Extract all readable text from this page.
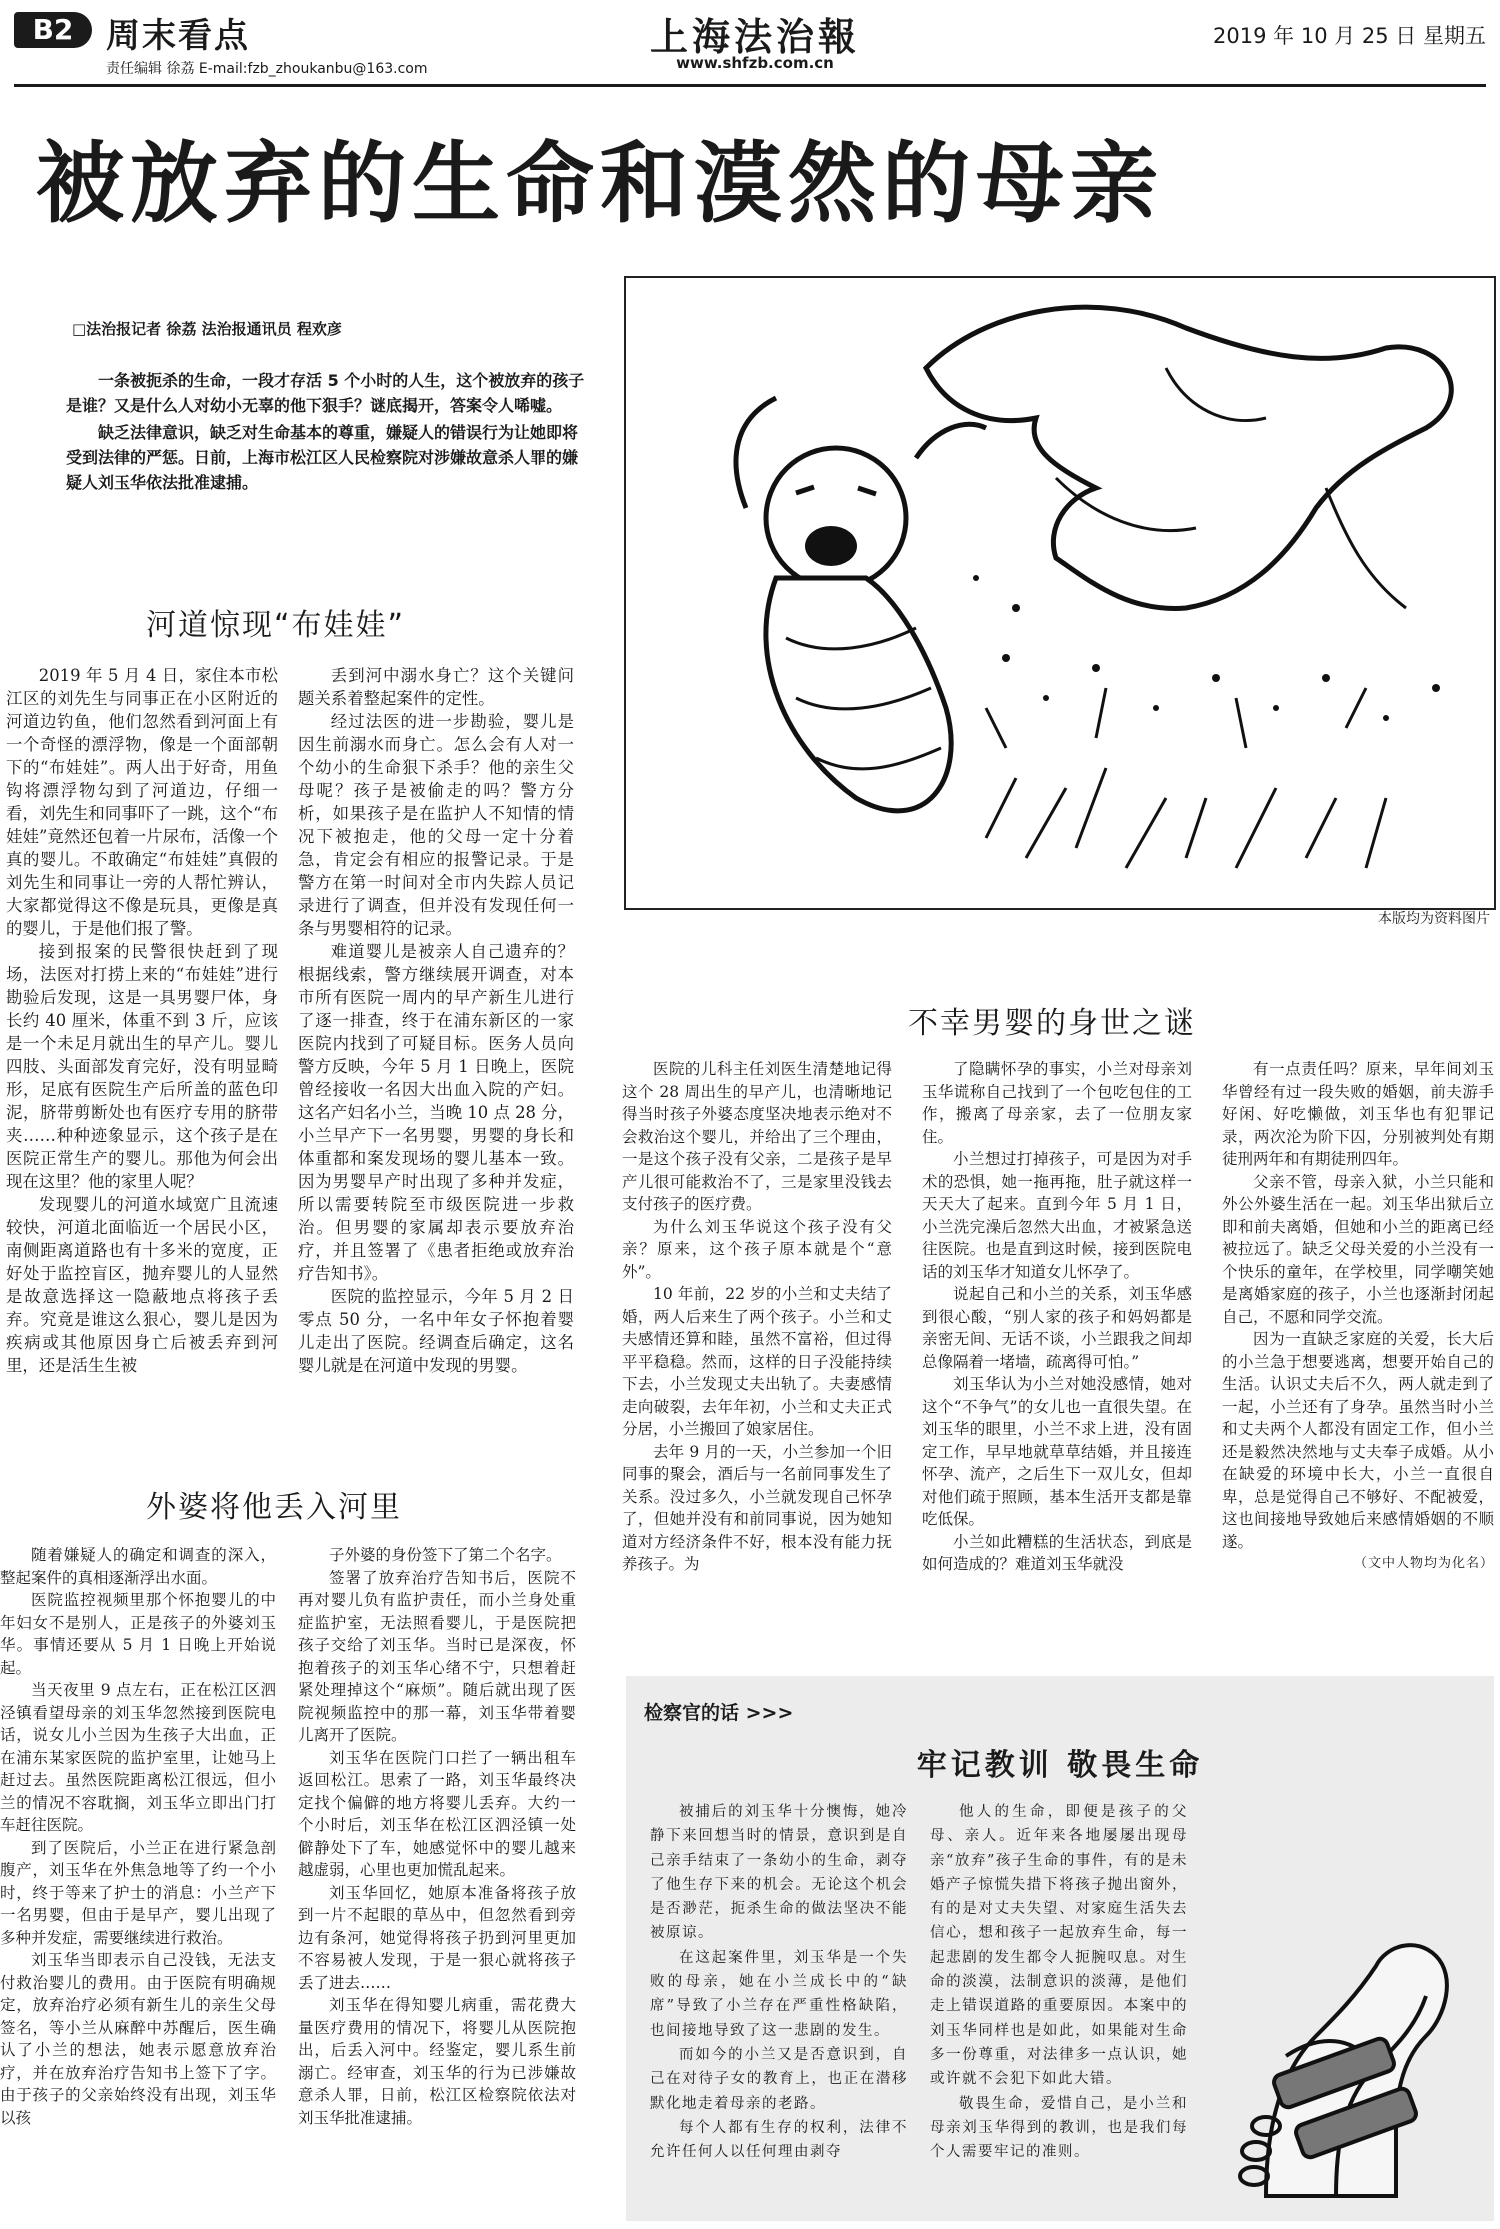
B2 周末看点
责任编辑 徐荔 E-mail:fzb_zhoukanbu@163.com
上海法治報
www.shfzb.com.cn
2019 年 10 月 25 日 星期五
被放弃的生命和漠然的母亲
□法治报记者 徐荔 法治报通讯员 程欢彦

一条被扼杀的生命，一段才存活 5 个小时的人生，这个被放弃的孩子是谁？又是什么人对幼小无辜的他下狠手？谜底揭开，答案令人唏嘘。

缺乏法律意识，缺乏对生命基本的尊重，嫌疑人的错误行为让她即将受到法律的严惩。日前，上海市松江区人民检察院对涉嫌故意杀人罪的嫌疑人刘玉华依法批准逮捕。

本版均为资料图片
河道惊现“布娃娃”

2019 年 5 月 4 日，家住本市松江区的刘先生与同事正在小区附近的河道边钓鱼，他们忽然看到河面上有一个奇怪的漂浮物，像是一个面部朝下的“布娃娃”。两人出于好奇，用鱼钩将漂浮物勾到了河道边，仔细一看，刘先生和同事吓了一跳，这个“布娃娃”竟然还包着一片尿布，活像一个真的婴儿。不敢确定“布娃娃”真假的刘先生和同事让一旁的人帮忙辨认，大家都觉得这不像是玩具，更像是真的婴儿，于是他们报了警。

接到报案的民警很快赶到了现场，法医对打捞上来的“布娃娃”进行勘验后发现，这是一具男婴尸体，身长约 40 厘米，体重不到 3 斤，应该是一个未足月就出生的早产儿。婴儿四肢、头面部发育完好，没有明显畸形，足底有医院生产后所盖的蓝色印泥，脐带剪断处也有医疗专用的脐带夹……种种迹象显示，这个孩子是在医院正常生产的婴儿。那他为何会出现在这里？他的家里人呢？

发现婴儿的河道水域宽广且流速较快，河道北面临近一个居民小区，南侧距离道路也有十多米的宽度，正好处于监控盲区，抛弃婴儿的人显然是故意选择这一隐蔽地点将孩子丢弃。究竟是谁这么狠心，婴儿是因为疾病或其他原因身亡后被丢弃到河里，还是活生生被

丢到河中溺水身亡？这个关键问题关系着整起案件的定性。

经过法医的进一步勘验，婴儿是因生前溺水而身亡。怎么会有人对一个幼小的生命狠下杀手？他的亲生父母呢？孩子是被偷走的吗？警方分析，如果孩子是在监护人不知情的情况下被抱走，他的父母一定十分着急，肯定会有相应的报警记录。于是警方在第一时间对全市内失踪人员记录进行了调查，但并没有发现任何一条与男婴相符的记录。

难道婴儿是被亲人自己遗弃的？根据线索，警方继续展开调查，对本市所有医院一周内的早产新生儿进行了逐一排查，终于在浦东新区的一家医院内找到了可疑目标。医务人员向警方反映，今年 5 月 1 日晚上，医院曾经接收一名因大出血入院的产妇。这名产妇名小兰，当晚 10 点 28 分，小兰早产下一名男婴，男婴的身长和体重都和案发现场的婴儿基本一致。因为男婴早产时出现了多种并发症，所以需要转院至市级医院进一步救治。但男婴的家属却表示要放弃治疗，并且签署了《患者拒绝或放弃治疗告知书》。

医院的监控显示，今年 5 月 2 日零点 50 分，一名中年女子怀抱着婴儿走出了医院。经调查后确定，这名婴儿就是在河道中发现的男婴。

外婆将他丢入河里

随着嫌疑人的确定和调查的深入，整起案件的真相逐渐浮出水面。

医院监控视频里那个怀抱婴儿的中年妇女不是别人，正是孩子的外婆刘玉华。事情还要从 5 月 1 日晚上开始说起。

当天夜里 9 点左右，正在松江区泗泾镇看望母亲的刘玉华忽然接到医院电话，说女儿小兰因为生孩子大出血，正在浦东某家医院的监护室里，让她马上赶过去。虽然医院距离松江很远，但小兰的情况不容耽搁，刘玉华立即出门打车赶往医院。

到了医院后，小兰正在进行紧急剖腹产，刘玉华在外焦急地等了约一个小时，终于等来了护士的消息：小兰产下一名男婴，但由于是早产，婴儿出现了多种并发症，需要继续进行救治。

刘玉华当即表示自己没钱，无法支付救治婴儿的费用。由于医院有明确规定，放弃治疗必须有新生儿的亲生父母签名，等小兰从麻醉中苏醒后，医生确认了小兰的想法，她表示愿意放弃治疗，并在放弃治疗告知书上签下了字。由于孩子的父亲始终没有出现，刘玉华以孩

子外婆的身份签下了第二个名字。

签署了放弃治疗告知书后，医院不再对婴儿负有监护责任，而小兰身处重症监护室，无法照看婴儿，于是医院把孩子交给了刘玉华。当时已是深夜，怀抱着孩子的刘玉华心绪不宁，只想着赶紧处理掉这个“麻烦”。随后就出现了医院视频监控中的那一幕，刘玉华带着婴儿离开了医院。

刘玉华在医院门口拦了一辆出租车返回松江。思索了一路，刘玉华最终决定找个偏僻的地方将婴儿丢弃。大约一个小时后，刘玉华在松江区泗泾镇一处僻静处下了车，她感觉怀中的婴儿越来越虚弱，心里也更加慌乱起来。

刘玉华回忆，她原本准备将孩子放到一片不起眼的草丛中，但忽然看到旁边有条河，她觉得将孩子扔到河里更加不容易被人发现，于是一狠心就将孩子丢了进去……

刘玉华在得知婴儿病重，需花费大量医疗费用的情况下，将婴儿从医院抱出，后丢入河中。经鉴定，婴儿系生前溺亡。经审查，刘玉华的行为已涉嫌故意杀人罪，日前，松江区检察院依法对刘玉华批准逮捕。

不幸男婴的身世之谜

医院的儿科主任刘医生清楚地记得这个 28 周出生的早产儿，也清晰地记得当时孩子外婆态度坚决地表示绝对不会救治这个婴儿，并给出了三个理由，一是这个孩子没有父亲，二是孩子是早产儿很可能救治不了，三是家里没钱去支付孩子的医疗费。

为什么刘玉华说这个孩子没有父亲？原来，这个孩子原本就是个“意外”。

10 年前，22 岁的小兰和丈夫结了婚，两人后来生了两个孩子。小兰和丈夫感情还算和睦，虽然不富裕，但过得平平稳稳。然而，这样的日子没能持续下去，小兰发现丈夫出轨了。夫妻感情走向破裂，去年年初，小兰和丈夫正式分居，小兰搬回了娘家居住。

去年 9 月的一天，小兰参加一个旧同事的聚会，酒后与一名前同事发生了关系。没过多久，小兰就发现自己怀孕了，但她并没有和前同事说，因为她知道对方经济条件不好，根本没有能力抚养孩子。为

了隐瞒怀孕的事实，小兰对母亲刘玉华谎称自己找到了一个包吃包住的工作，搬离了母亲家，去了一位朋友家住。

小兰想过打掉孩子，可是因为对手术的恐惧，她一拖再拖，肚子就这样一天天大了起来。直到今年 5 月 1 日，小兰洗完澡后忽然大出血，才被紧急送往医院。也是直到这时候，接到医院电话的刘玉华才知道女儿怀孕了。

说起自己和小兰的关系，刘玉华感到很心酸，“别人家的孩子和妈妈都是亲密无间、无话不谈，小兰跟我之间却总像隔着一堵墙，疏离得可怕。”

刘玉华认为小兰对她没感情，她对这个“不争气”的女儿也一直很失望。在刘玉华的眼里，小兰不求上进，没有固定工作，早早地就草草结婚，并且接连怀孕、流产，之后生下一双儿女，但却对他们疏于照顾，基本生活开支都是靠吃低保。

小兰如此糟糕的生活状态，到底是如何造成的？难道刘玉华就没

有一点责任吗？原来，早年间刘玉华曾经有过一段失败的婚姻，前夫游手好闲、好吃懒做，刘玉华也有犯罪记录，两次沦为阶下囚，分别被判处有期徒刑两年和有期徒刑四年。

父亲不管，母亲入狱，小兰只能和外公外婆生活在一起。刘玉华出狱后立即和前夫离婚，但她和小兰的距离已经被拉远了。缺乏父母关爱的小兰没有一个快乐的童年，在学校里，同学嘲笑她是离婚家庭的孩子，小兰也逐渐封闭起自己，不愿和同学交流。

因为一直缺乏家庭的关爱，长大后的小兰急于想要逃离，想要开始自己的生活。认识丈夫后不久，两人就走到了一起，小兰还有了身孕。虽然当时小兰和丈夫两个人都没有固定工作，但小兰还是毅然决然地与丈夫奉子成婚。从小在缺爱的环境中长大，小兰一直很自卑，总是觉得自己不够好、不配被爱，这也间接地导致她后来感情婚姻的不顺遂。

（文中人物均为化名）

检察官的话 >>>
牢记教训 敬畏生命

被捕后的刘玉华十分懊悔，她冷静下来回想当时的情景，意识到是自己亲手结束了一条幼小的生命，剥夺了他生存下来的机会。无论这个机会是否渺茫，扼杀生命的做法坚决不能被原谅。

在这起案件里，刘玉华是一个失败的母亲，她在小兰成长中的“缺席”导致了小兰存在严重性格缺陷，也间接地导致了这一悲剧的发生。

而如今的小兰又是否意识到，自己在对待子女的教育上，也正在潜移默化地走着母亲的老路。

每个人都有生存的权利，法律不允许任何人以任何理由剥夺

他人的生命，即便是孩子的父母、亲人。近年来各地屡屡出现母亲“放弃”孩子生命的事件，有的是未婚产子惊慌失措下将孩子抛出窗外，有的是对丈夫失望、对家庭生活失去信心，想和孩子一起放弃生命，每一起悲剧的发生都令人扼腕叹息。对生命的淡漠，法制意识的淡薄，是他们走上错误道路的重要原因。本案中的刘玉华同样也是如此，如果能对生命多一份尊重，对法律多一点认识，她或许就不会犯下如此大错。

敬畏生命，爱惜自己，是小兰和母亲刘玉华得到的教训，也是我们每个人需要牢记的准则。
